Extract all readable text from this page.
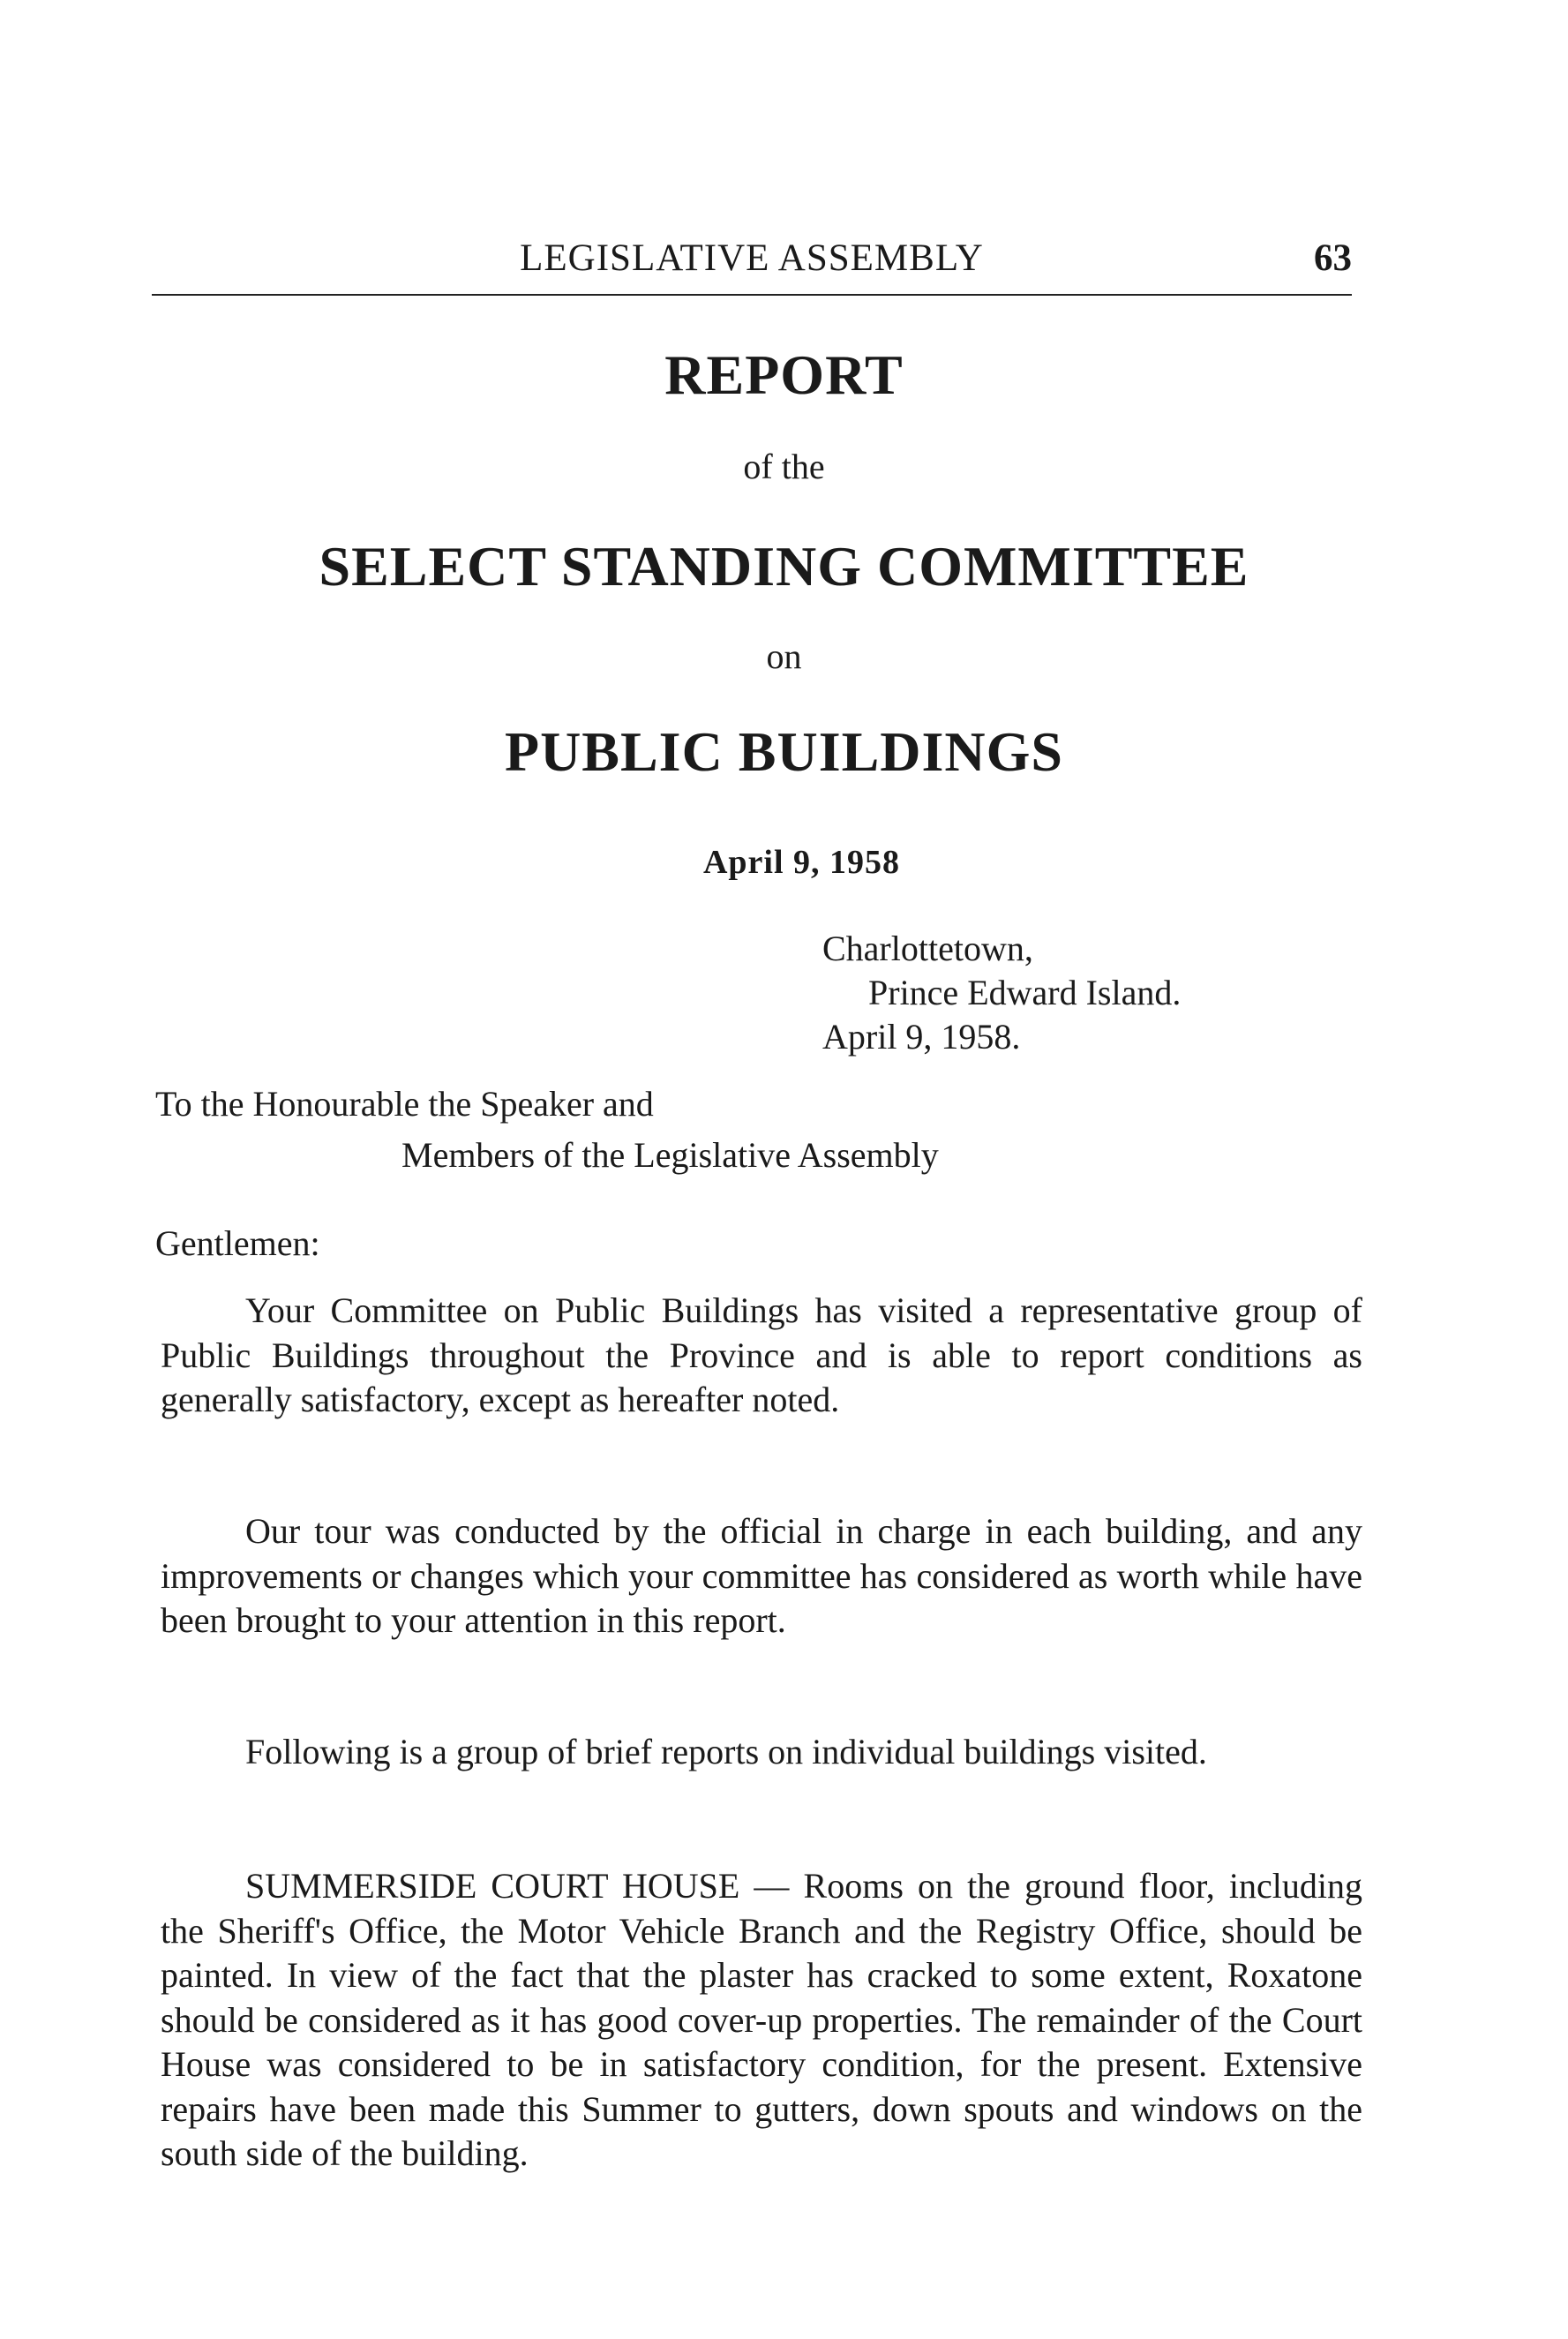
LEGISLATIVE ASSEMBLY	63
REPORT
of the
SELECT STANDING COMMITTEE
on
PUBLIC BUILDINGS
April 9, 1958
Charlottetown,
Prince Edward Island.
April 9, 1958.
To the Honourable the Speaker and
Members of the Legislative Assembly
Gentlemen:

Your Committee on Public Buildings has visited a representative group of Public Buildings throughout the Province and is able to report conditions as generally satisfactory, except as hereafter noted.

Our tour was conducted by the official in charge in each building, and any improvements or changes which your committee has considered as worth while have been brought to your attention in this report.

Following is a group of brief reports on individual buildings visited.

SUMMERSIDE COURT HOUSE — Rooms on the ground floor, including the Sheriff's Office, the Motor Vehicle Branch and the Registry Office, should be painted. In view of the fact that the plaster has cracked to some extent, Roxatone should be considered as it has good cover-up properties. The remainder of the Court House was considered to be in satisfactory condition, for the present. Extensive repairs have been made this Summer to gutters, down spouts and windows on the south side of the building.
